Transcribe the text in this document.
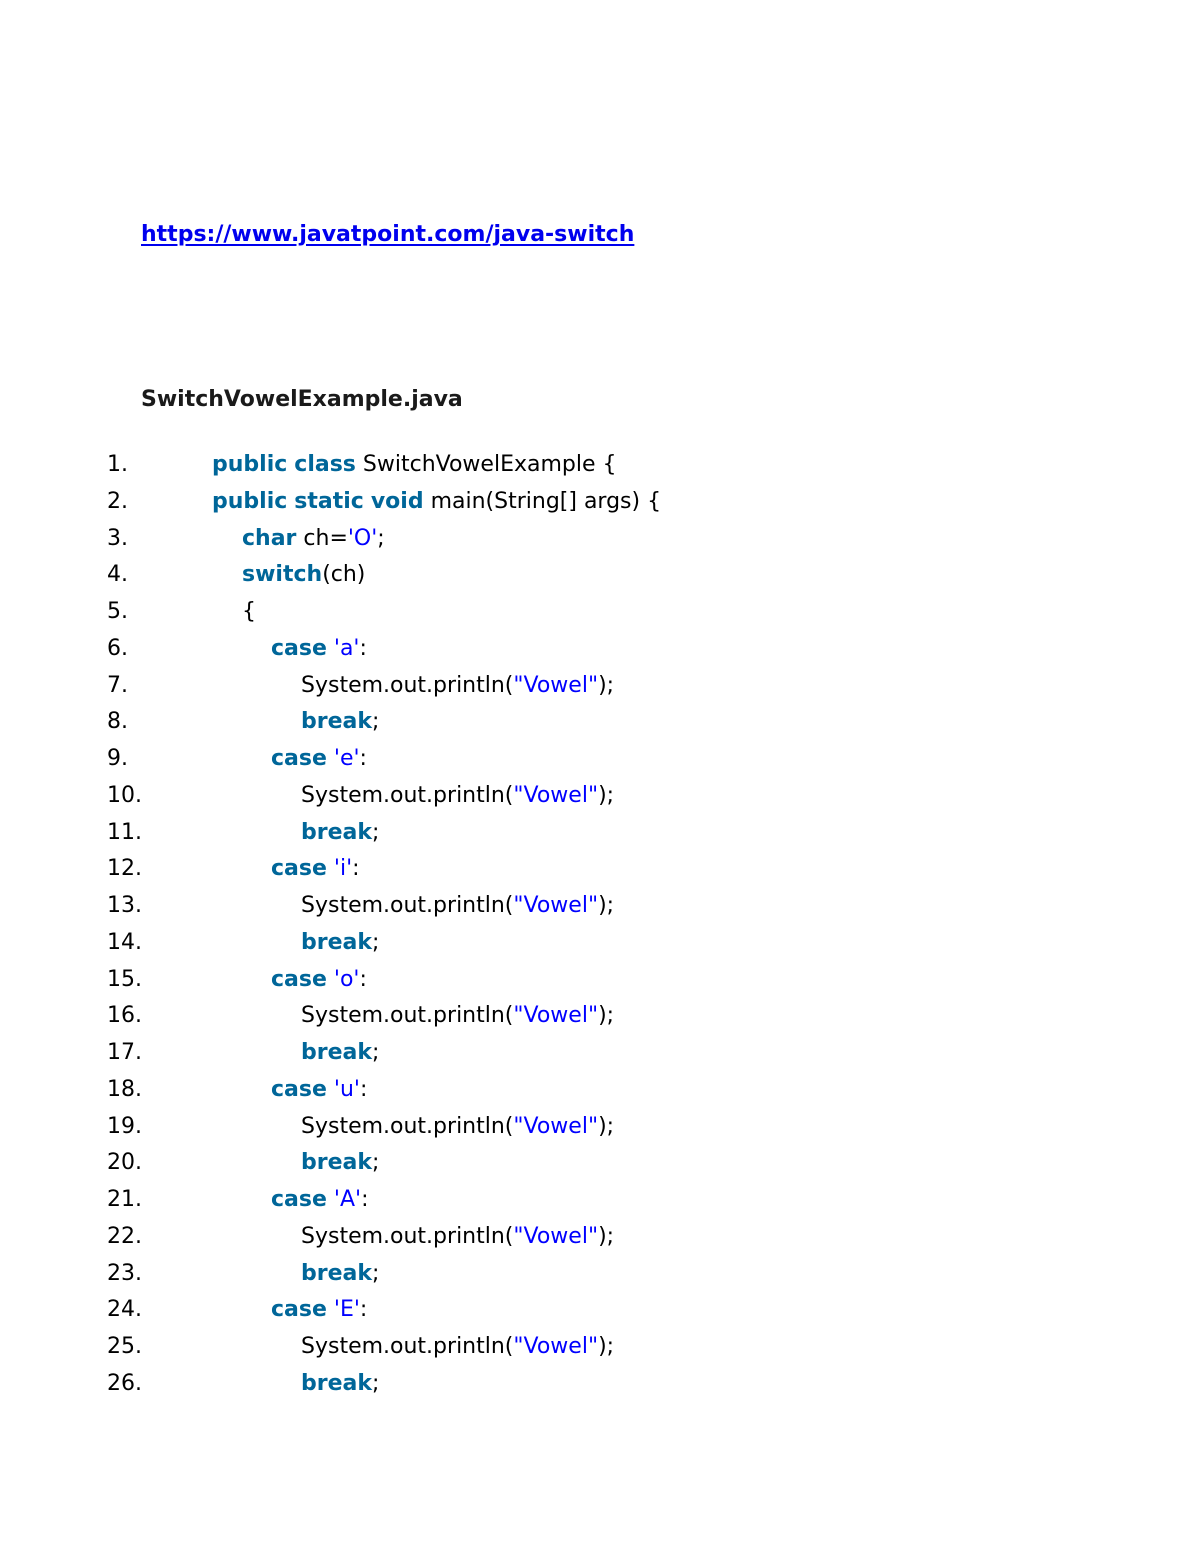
https://www.javatpoint.com/java-switch
SwitchVowelExample.java
1.	public class SwitchVowelExample {
2.	public static void main(String[] args) {
3.	char ch='O';
4.	switch(ch)
5.	{
6.	case 'a':
7.	System.out.println("Vowel");
8.	break;
9.	case 'e':
10.	System.out.println("Vowel");
11.	break;
12.	case 'i':
13.	System.out.println("Vowel");
14.	break;
15.	case 'o':
16.	System.out.println("Vowel");
17.	break;
18.	case 'u':
19.	System.out.println("Vowel");
20.	break;
21.	case 'A':
22.	System.out.println("Vowel");
23.	break;
24.	case 'E':
25.	System.out.println("Vowel");
26.	break;
